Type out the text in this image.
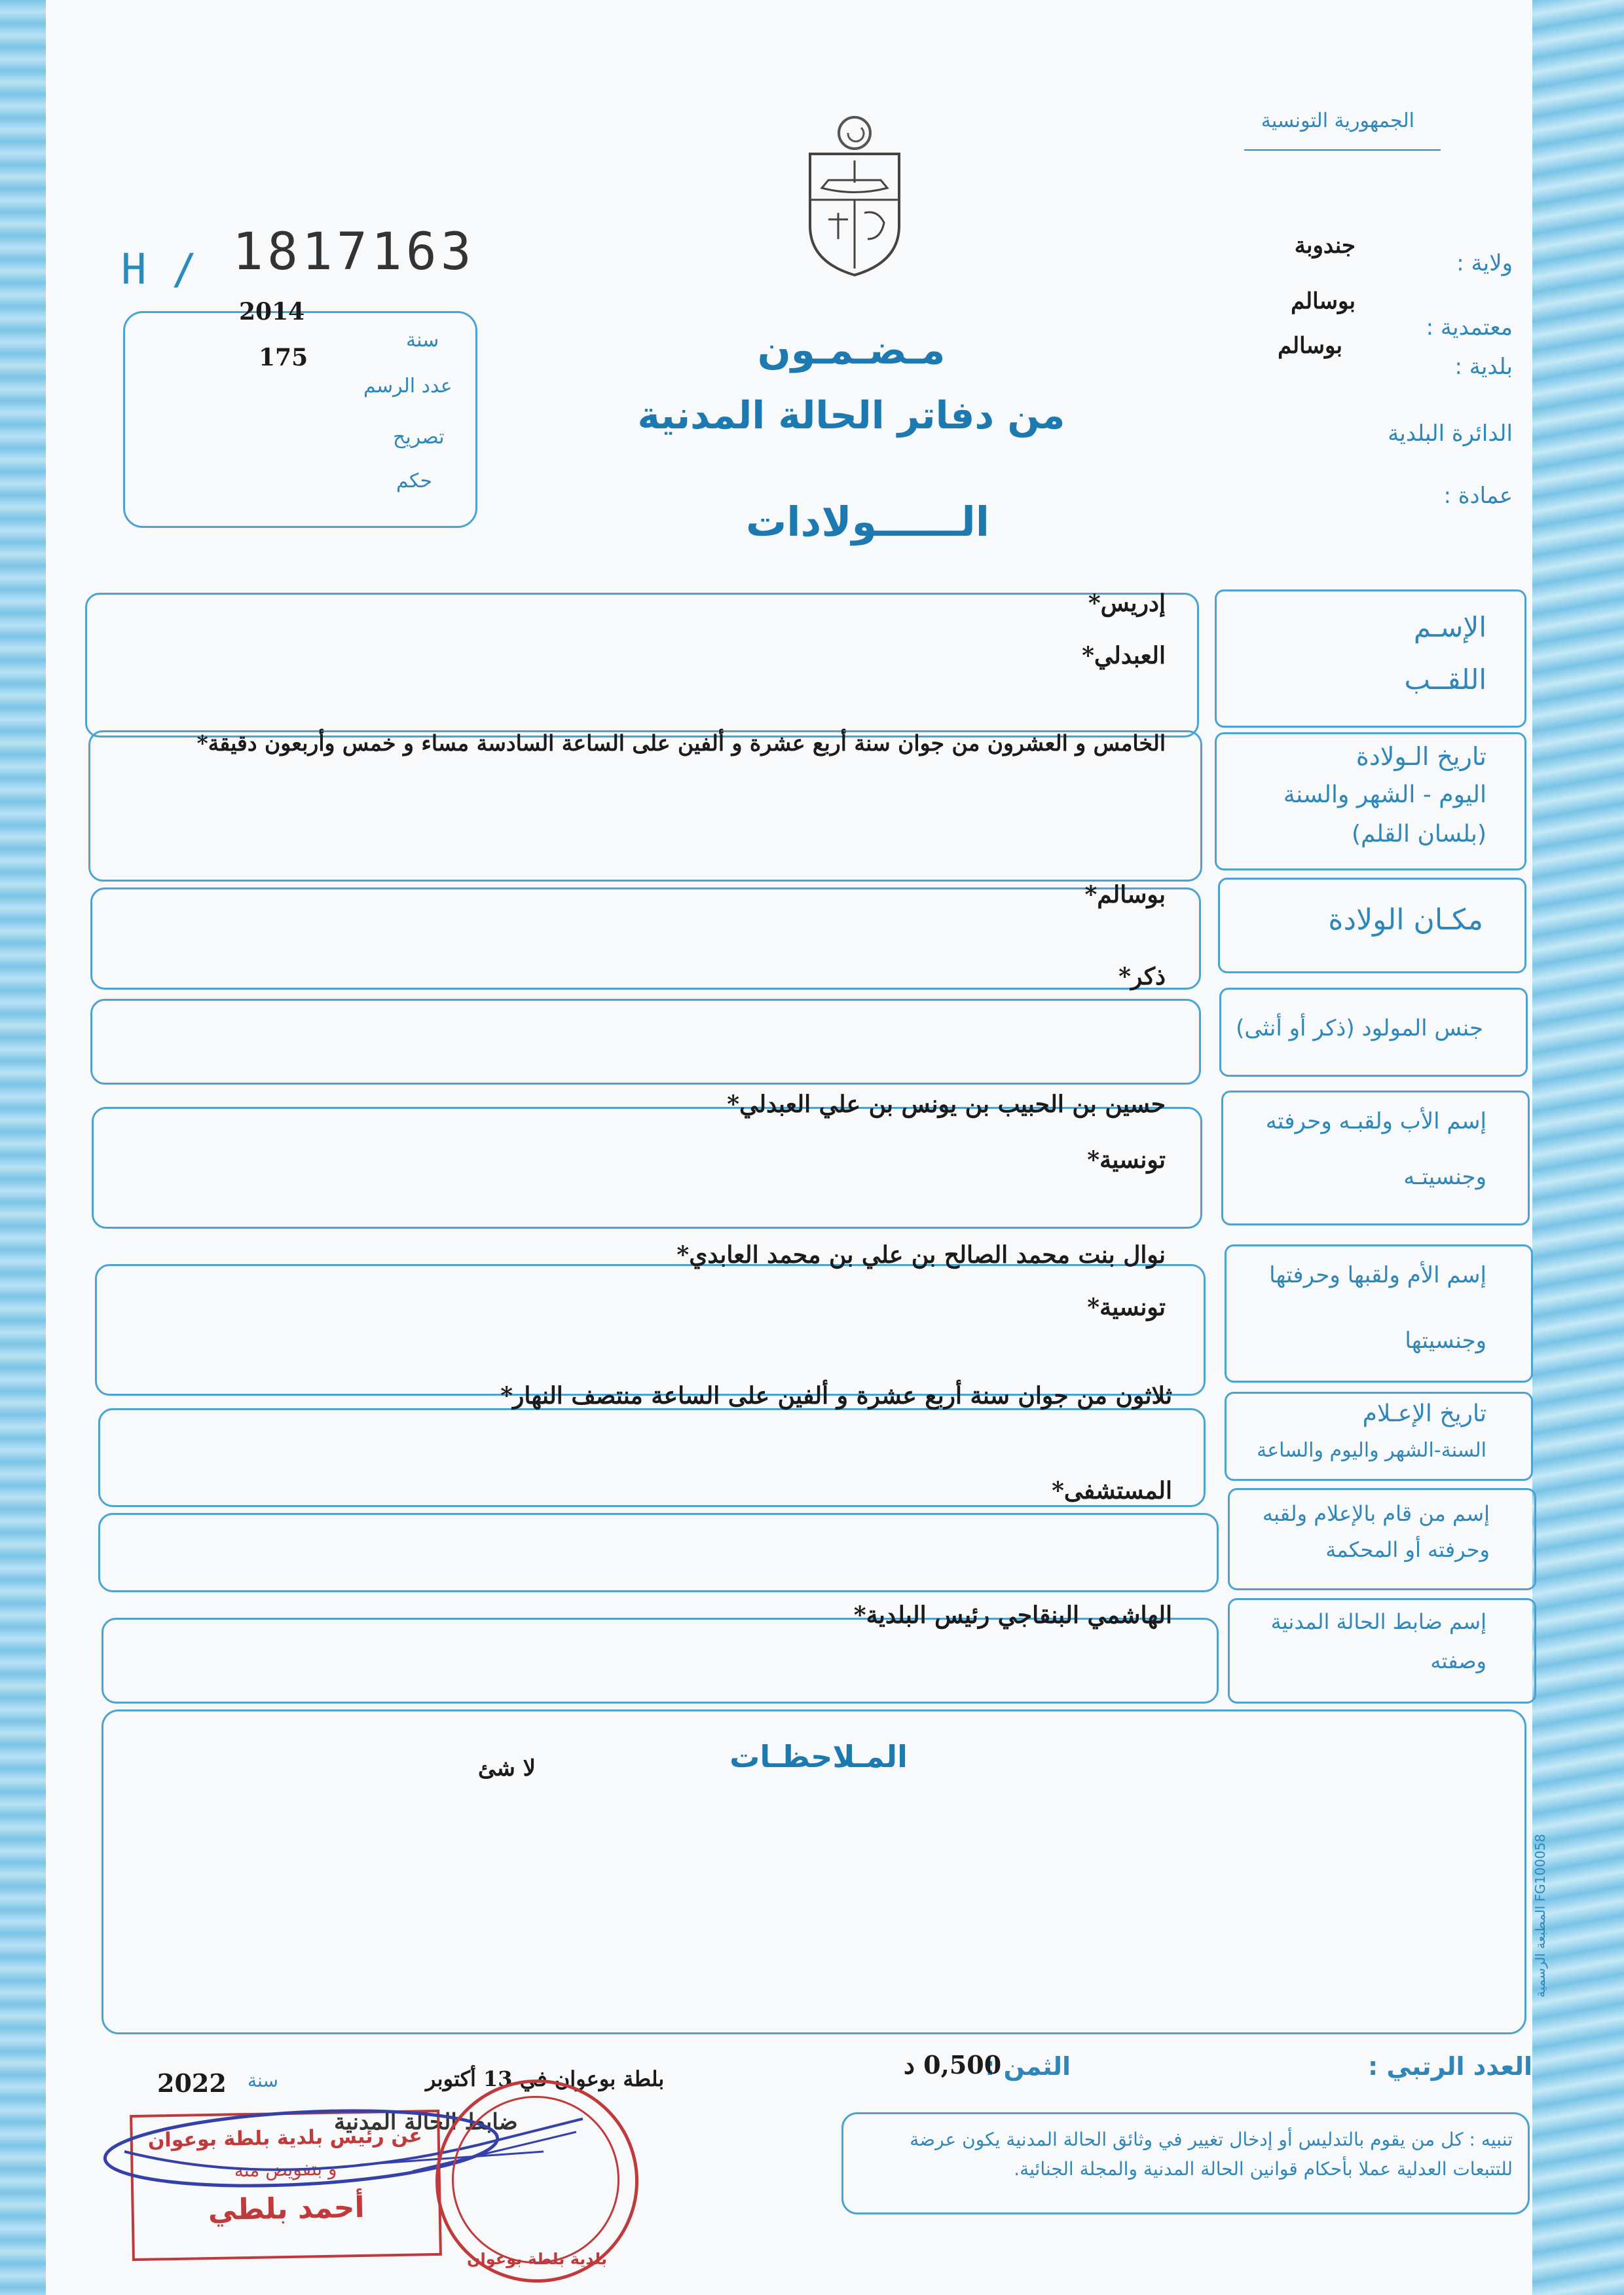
الجمهورية التونسية
ولاية :
جندوبة
معتمدية :
بوسالم
بلدية :
بوسالم
الدائرة البلدية
عمادة :
H / 1817163
2014
سنة
175
عدد الرسم
تصريح
حكم
مـضـمـون
من دفاتر الحالة المدنية
الــــــولادات
الإسـم
اللقــب
إدريس*
العبدلي*
تاريخ الـولادة
اليوم - الشهر والسنة
(بلسان القلم)
الخامس و العشرون من جوان سنة أربع عشرة و ألفين على الساعة السادسة مساء و خمس وأربعون دقيقة*
مكـان الولادة
بوسالم*
جنس المولود (ذكر أو أنثى)
ذكر*
إسم الأب ولقبـه وحرفته
وجنسيتـه
حسين بن الحبيب بن يونس بن علي العبدلي*
تونسية*
إسم الأم ولقبها وحرفتها
وجنسيتها
نوال بنت محمد الصالح بن علي بن محمد العابدي*
تونسية*
تاريخ الإعـلام
السنة-الشهر واليوم والساعة
ثلاثون من جوان سنة أربع عشرة و ألفين على الساعة منتصف النهار*
إسم من قام بالإعلام ولقبه
وحرفته أو المحكمة
المستشفى*
إسم ضابط الحالة المدنية
وصفته
الهاشمي البنقاجي رئيس البلدية*
المـلاحظـات
لا شئ
المطبعة الرسمية FG100058
العدد الرتبي :
الثمن :
0,500 د
بلطة بوعوان في 13 أكتوبر
سنة
2022
ضابط الحالة المدنية
عن رئيس بلدية بلطة بوعوان
و بتفويض منه
أحمد بلطي
بلدية بلطة بوعوان
تنبيه : كل من يقوم بالتدليس أو إدخال تغيير في وثائق الحالة المدنية يكون عرضة للتتبعات العدلية عملا بأحكام قوانين الحالة المدنية والمجلة الجنائية.
